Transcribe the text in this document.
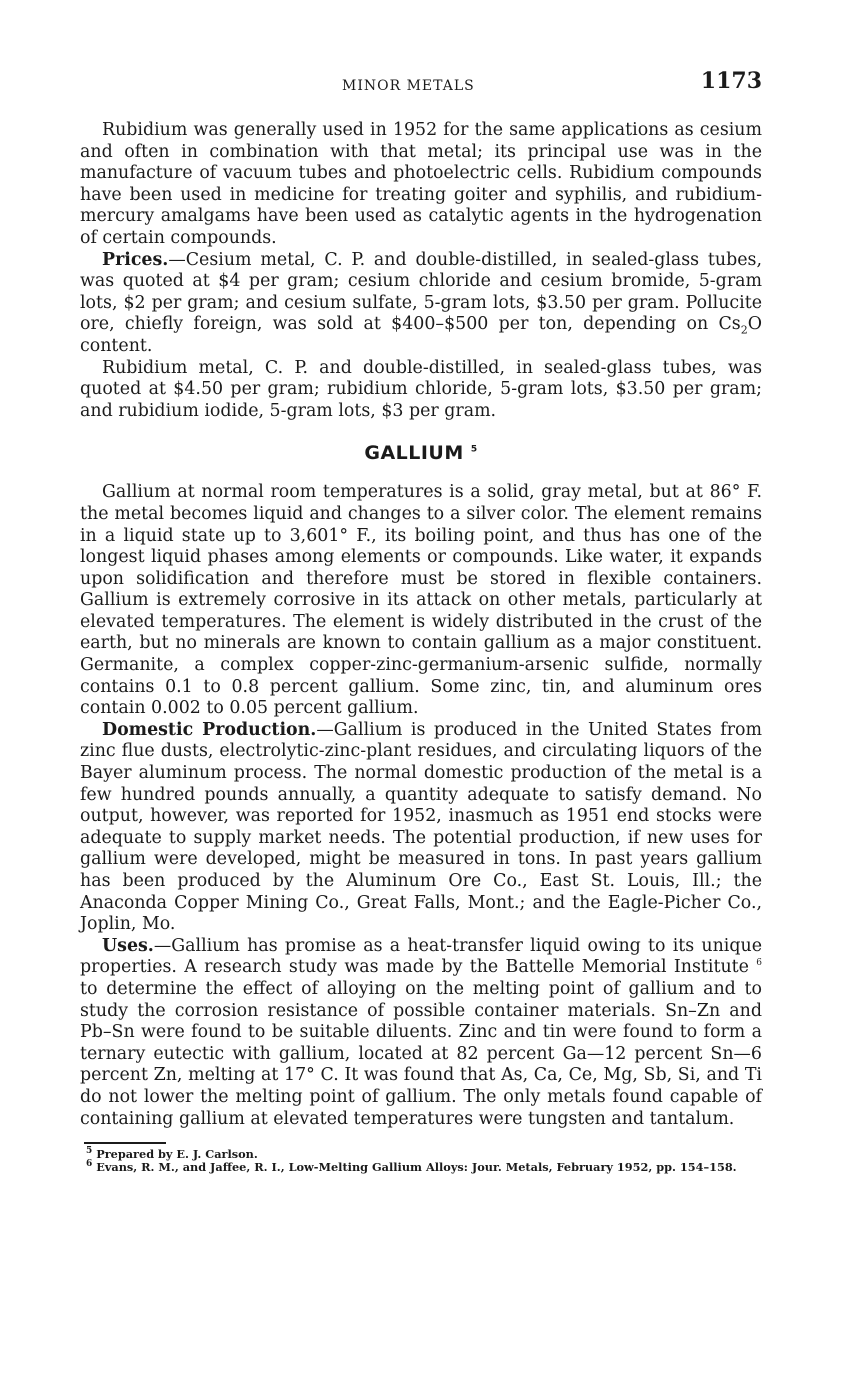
MINOR METALS	1173

Rubidium was generally used in 1952 for the same applications as cesium and often in combination with that metal; its principal use was in the manufacture of vacuum tubes and photoelectric cells. Rubidium compounds have been used in medicine for treating goiter and syphilis, and rubidium-mercury amalgams have been used as catalytic agents in the hydrogenation of certain compounds.

Prices.—Cesium metal, C. P. and double-distilled, in sealed-glass tubes, was quoted at $4 per gram; cesium chloride and cesium bromide, 5-gram lots, $2 per gram; and cesium sulfate, 5-gram lots, $3.50 per gram. Pollucite ore, chiefly foreign, was sold at $400–$500 per ton, depending on $Cs_2O$ content.

Rubidium metal, C. P. and double-distilled, in sealed-glass tubes, was quoted at $4.50 per gram; rubidium chloride, 5-gram lots, $3.50 per gram; and rubidium iodide, 5-gram lots, $3 per gram.

GALLIUM $^5$

Gallium at normal room temperatures is a solid, gray metal, but at 86° F. the metal becomes liquid and changes to a silver color. The element remains in a liquid state up to 3,601° F., its boiling point, and thus has one of the longest liquid phases among elements or compounds. Like water, it expands upon solidification and therefore must be stored in flexible containers. Gallium is extremely corrosive in its attack on other metals, particularly at elevated temperatures. The element is widely distributed in the crust of the earth, but no minerals are known to contain gallium as a major constituent. Germanite, a complex copper-zinc-germanium-arsenic sulfide, normally contains 0.1 to 0.8 percent gallium. Some zinc, tin, and aluminum ores contain 0.002 to 0.05 percent gallium.

Domestic Production.—Gallium is produced in the United States from zinc flue dusts, electrolytic-zinc-plant residues, and circulating liquors of the Bayer aluminum process. The normal domestic production of the metal is a few hundred pounds annually, a quantity adequate to satisfy demand. No output, however, was reported for 1952, inasmuch as 1951 end stocks were adequate to supply market needs. The potential production, if new uses for gallium were developed, might be measured in tons. In past years gallium has been produced by the Aluminum Ore Co., East St. Louis, Ill.; the Anaconda Copper Mining Co., Great Falls, Mont.; and the Eagle-Picher Co., Joplin, Mo.

Uses.—Gallium has promise as a heat-transfer liquid owing to its unique properties. A research study was made by the Battelle Memorial Institute $^6$ to determine the effect of alloying on the melting point of gallium and to study the corrosion resistance of possible container materials. Sn–Zn and Pb–Sn were found to be suitable diluents. Zinc and tin were found to form a ternary eutectic with gallium, located at 82 percent Ga—12 percent Sn—6 percent Zn, melting at 17° C. It was found that As, Ca, Ce, Mg, Sb, Si, and Ti do not lower the melting point of gallium. The only metals found capable of containing gallium at elevated temperatures were tungsten and tantalum.

$^5$ Prepared by E. J. Carlson.
$^6$ Evans, R. M., and Jaffee, R. I., Low-Melting Gallium Alloys: Jour. Metals, February 1952, pp. 154–158.
